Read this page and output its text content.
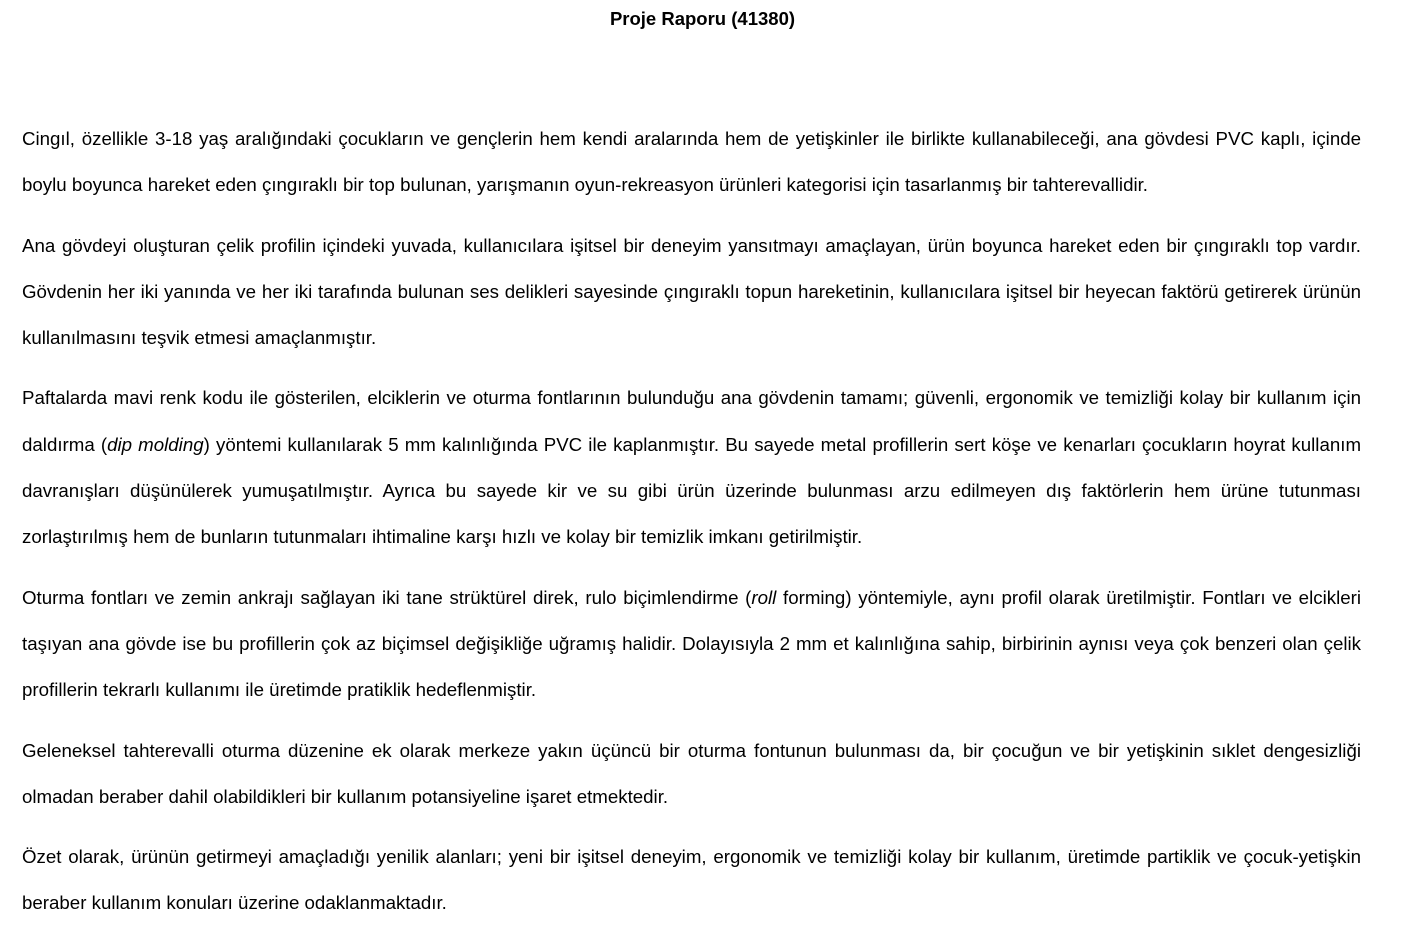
Proje Raporu (41380)

Cingıl, özellikle 3-18 yaş aralığındaki çocukların ve gençlerin hem kendi aralarında hem de yetişkinler ile birlikte kullanabileceği, ana gövdesi PVC kaplı, içinde boylu boyunca hareket eden çıngıraklı bir top bulunan, yarışmanın oyun-rekreasyon ürünleri kategorisi için tasarlanmış bir tahterevallidir.

Ana gövdeyi oluşturan çelik profilin içindeki yuvada, kullanıcılara işitsel bir deneyim yansıtmayı amaçlayan, ürün boyunca hareket eden bir çıngıraklı top vardır. Gövdenin her iki yanında ve her iki tarafında bulunan ses delikleri sayesinde çıngıraklı topun hareketinin, kullanıcılara işitsel bir heyecan faktörü getirerek ürünün kullanılmasını teşvik etmesi amaçlanmıştır.

Paftalarda mavi renk kodu ile gösterilen, elciklerin ve oturma fontlarının bulunduğu ana gövdenin tamamı; güvenli, ergonomik ve temizliği kolay bir kullanım için daldırma (dip molding) yöntemi kullanılarak 5 mm kalınlığında PVC ile kaplanmıştır. Bu sayede metal profillerin sert köşe ve kenarları çocukların hoyrat kullanım davranışları düşünülerek yumuşatılmıştır. Ayrıca bu sayede kir ve su gibi ürün üzerinde bulunması arzu edilmeyen dış faktörlerin hem ürüne tutunması zorlaştırılmış hem de bunların tutunmaları ihtimaline karşı hızlı ve kolay bir temizlik imkanı getirilmiştir.

Oturma fontları ve zemin ankrajı sağlayan iki tane strüktürel direk, rulo biçimlendirme (roll forming) yöntemiyle, aynı profil olarak üretilmiştir. Fontları ve elcikleri taşıyan ana gövde ise bu profillerin çok az biçimsel değişikliğe uğramış halidir. Dolayısıyla 2 mm et kalınlığına sahip, birbirinin aynısı veya çok benzeri olan çelik profillerin tekrarlı kullanımı ile üretimde pratiklik hedeflenmiştir.

Geleneksel tahterevalli oturma düzenine ek olarak merkeze yakın üçüncü bir oturma fontunun bulunması da, bir çocuğun ve bir yetişkinin sıklet dengesizliği olmadan beraber dahil olabildikleri bir kullanım potansiyeline işaret etmektedir.

Özet olarak, ürünün getirmeyi amaçladığı yenilik alanları; yeni bir işitsel deneyim, ergonomik ve temizliği kolay bir kullanım, üretimde partiklik ve çocuk-yetişkin beraber kullanım konuları üzerine odaklanmaktadır.
